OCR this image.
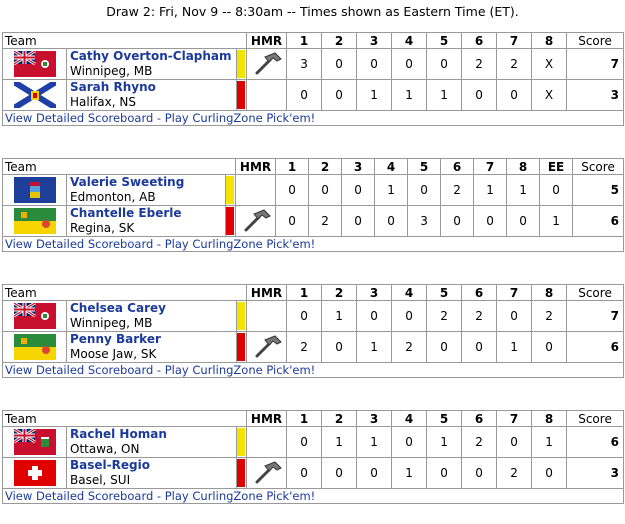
Draw 2: Fri, Nov 9 -- 8:30am -- Times shown as Eastern Time (ET).
Team			HMR	1	2	3	4	5	6	7	8	Score

Cathy Overton-Clapham
Winnipeg, MB			3	0	0	0	0	2	2	X	7

Sarah Rhyno
Halifax, NS			0	0	1	1	1	0	0	X	3
View Detailed Scoreboard - Play CurlingZone Pick'em!												
Team			HMR	1	2	3	4	5	6	7	8	EE	Score

Valerie Sweeting
Edmonton, AB			0	0	0	1	0	2	1	1	0	5

Chantelle Eberle
Regina, SK			0	2	0	0	3	0	0	0	1	6
View Detailed Scoreboard - Play CurlingZone Pick'em!													
Team			HMR	1	2	3	4	5	6	7	8	Score

Chelsea Carey
Winnipeg, MB			0	1	0	0	2	2	0	2	7

Penny Barker
Moose Jaw, SK			2	0	1	2	0	0	1	0	6
View Detailed Scoreboard - Play CurlingZone Pick'em!												
Team			HMR	1	2	3	4	5	6	7	8	Score

Rachel Homan
Ottawa, ON			0	1	1	0	1	2	0	1	6

Basel-Regio
Basel, SUI			0	0	0	1	0	0	2	0	3
View Detailed Scoreboard - Play CurlingZone Pick'em!												
